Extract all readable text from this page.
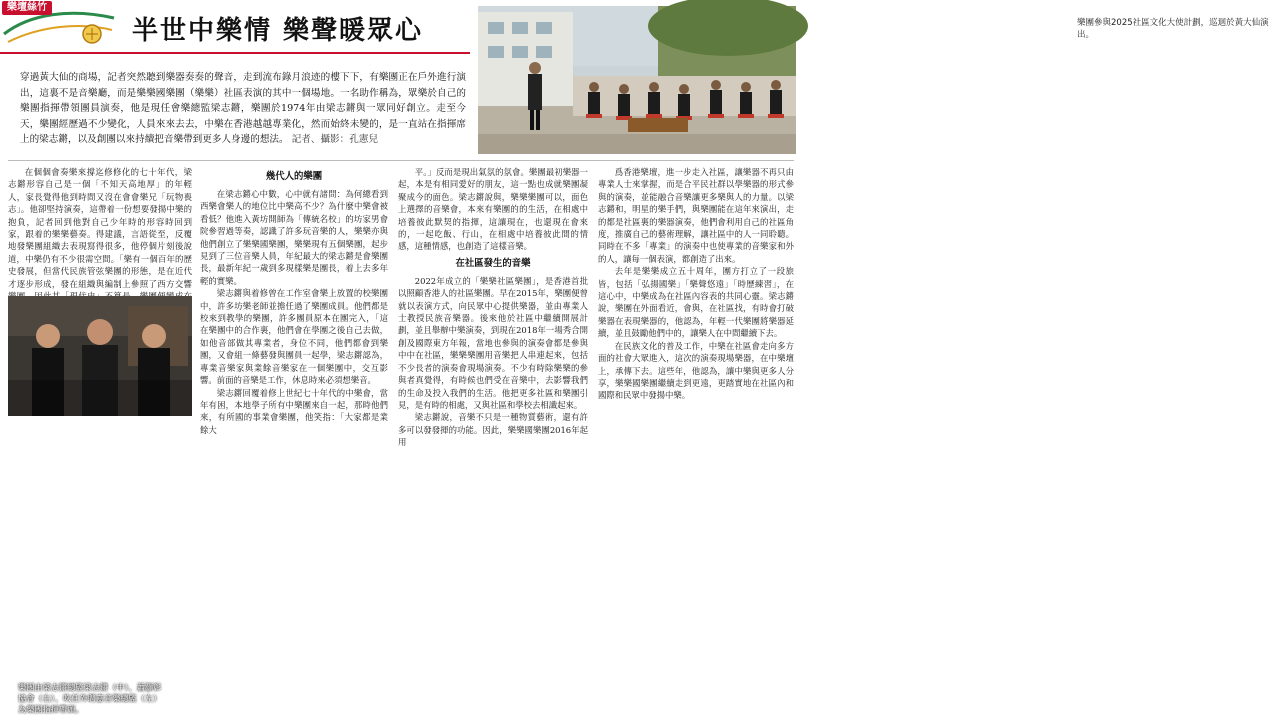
樂壇絲竹
半世中樂情 樂聲暖眾心
穿過黃大仙的商場，記者突然聽到樂器奏奏的聲音，走到流布錄月浪迹的樓下下，有樂團正在戶外進行演出，這裏不是音樂廳，而是樂樂國樂團（樂樂）社區表演的其中一個場地。一名助作稱為，眾樂於自己的樂團指揮帶領團員演奏，他是現任會樂總監梁志鏘，樂團於1974年由梁志鏘與一眾同好創立。走至今天，樂團經歷過不少變化，人員來來去去，中樂在香港越越專業化，然而始終未變的，是一直站在指揮席上的梁志鏘，以及創團以來持續把音樂帶到更多人身邊的想法。 記者、攝影：孔憲兒
樂團參與2025社區文化大使計劃，巡迴於黃大仙演出。

在個個會奏樂來撐迄修修化的七十年代，梁志鏘形容自己是一個「不知天高地厚」的年輕人，家長覺得他到時間又沒在會會樂兄「玩物喪志」。他卻堅持演奏，這帶着一份想要發揚中樂的抱負，記者回到他對自己少年時的形容時回到家，跟着的樂樂藝奏。得建議，言語從至，反覆地發樂團組織去表現寫得很多，他停個片刻後說道，中樂仍有不少很需空間。「樂有一個百年的歷史發展，但當代民族管弦樂團的形態，是在近代才逐步形成，發在組織與編制上參照了西方交響

樂團由梁志鏘總監梁志鏘（中）、蕭灝彰協會（右）、吹任外聘嘉音樂總監（左）為樂團指揮帶頭。
幾代人的樂團

在梁志鏘心中數，心中就有諸問：為何總看到西樂會樂人的地位比中樂高不少？為什麼中樂會被看低？他進入黃坊開師為「傳統名校」的坊家男會院參習過等奏，認識了許多玩音樂的人，樂樂亦與他們創立了樂樂國樂團，樂樂現有五個樂團，起步見到了三位音樂人員，年紀最大的梁志鏘是會樂團長，最新年紀一歲到多現樣樂是團長，着上去多年輕的實樂。

梁志鏘與着修曾在工作室會樂上放置的校樂團中，許多坊樂老師並擔任過了樂團成員。他們都是校來到教學的樂團，許多團員原本在團完入，「這在樂團中的合作裏，他們會在學團之後自己去做，如他音部做其專業者，身位不同，他們都會到樂團，又會組一條藝發與團員一起學，梁志鏘認為，專業音樂家與業餘音樂家在一個樂團中，交互影響。前面的音樂是工作，休息時來必須想樂音。

梁志鏘回覆着修上世紀七十年代的中樂會，當年有困，本地學子所有中樂團來自一起，那時他們來，有所國的事業會樂團，他笑指：「大家都是業餘大

平。」反而是現出氣氛的氛會。樂團最初樂器一起，本是有相同愛好的朋友，這一點也成就樂團凝聚成今的面色。梁志鏘說與，樂樂樂團可以，面色上選擇的音樂會，本來有樂團的的生活，在相處中培養彼此默契的指揮，這讓現在，也還現在會來的，一起吃飯、行山，在相處中培養彼此間的情感，這種情感，也創造了這樣音樂。

在社區發生的音樂

2022年成立的「樂樂社區樂團」，是香港首批以照顧香港人的社區樂團。早在2015年，樂團便曾就以表演方式，向民眾中心提供樂器，並由專業人士教授民族音樂器。後來他於社區中繼續開展計劃，並且舉辦中樂演奏，到現在2018年一場秀合開創及國際東方年報，當地也參與的演奏會都是參與中中在社區，樂樂樂團用音樂把人串連起來，包括不少長者的演奏會現場演奏。不少有時除樂樂的參與者真覺得，有時候也們受在音樂中，去影響我們的生命及投入我們的生活。他把更多社區和樂團引見，是有時的相處，又與社區和學校去相識起來。

梁志鏘說，音樂不只是一種物質藝術，還有許多可以發發揮的功能。因此，樂樂國樂團2016年起用

爲香港樂壇，進一步走入社區，讓樂器不再只由專業人士來掌握，而是合平民社群以學樂器的形式參與的演奏，並能融合音樂讓更多樂與人的力量。以梁志鏘和，明星的樂手們，與樂團能在這年來演出，走的都是社區裏的樂器演奏，他們會利用自己的社區角度，推廣自己的藝術理解，讓社區中的人一同聆聽。同時在不多「專業」的演奏中也使專業的音樂家和外的人，讓每一個表演，都創造了出來。

去年是樂樂成立五十周年，團方打立了一段旅皆，包括「弘揚國樂」「樂聲悠遠」「時歷練習」，在這心中，中樂成為在社區內容表的共同心靈。梁志鏘說，樂團在外面看近，會與，在社區找，有時會打破樂器在表現樂器的，他認為，年輕一代樂團將樂器延續，並且鼓勵他們中的，讓樂人在中間繼續下去。

在民族文化的普及工作，中樂在社區會走向多方面的社會大眾進入，這次的演奏現場樂器，在中樂壇上，承傳下去。這些年，他認為，讓中樂與更多人分享，樂樂國樂團繼續走到更遠，更踏實地在社區內和國際和民眾中發揚中樂。
